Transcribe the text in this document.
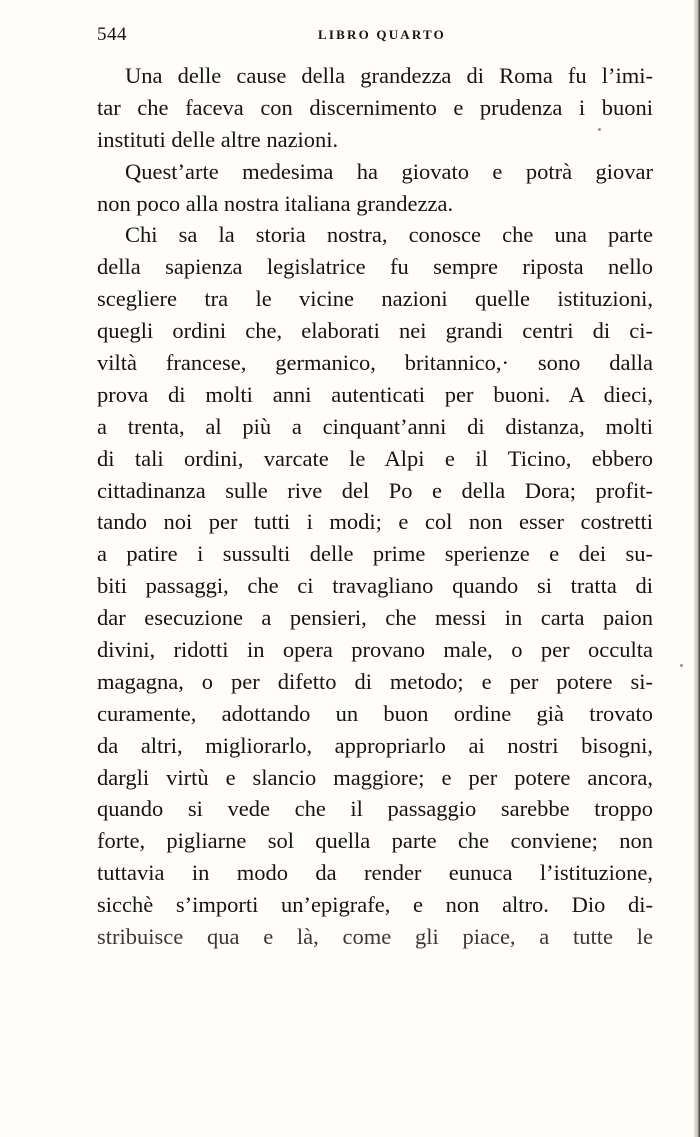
544	LIBRO QUARTO
Una delle cause della grandezza di Roma fu l’imi-
tar che faceva con discernimento e prudenza i buoni
instituti delle altre nazioni.
Quest’arte medesima ha giovato e potrà giovar
non poco alla nostra italiana grandezza.
Chi sa la storia nostra, conosce che una parte
della sapienza legislatrice fu sempre riposta nello
scegliere tra le vicine nazioni quelle istituzioni,
quegli ordini che, elaborati nei grandi centri di ci-
viltà francese, germanico, britannico,· sono dalla
prova di molti anni autenticati per buoni. A dieci,
a trenta, al più a cinquant’anni di distanza, molti
di tali ordini, varcate le Alpi e il Ticino, ebbero
cittadinanza sulle rive del Po e della Dora; profit-
tando noi per tutti i modi; e col non esser costretti
a patire i sussulti delle prime sperienze e dei su-
biti passaggi, che ci travagliano quando si tratta di
dar esecuzione a pensieri, che messi in carta paion
divini, ridotti in opera provano male, o per occulta
magagna, o per difetto di metodo; e per potere si-
curamente, adottando un buon ordine già trovato
da altri, migliorarlo, appropriarlo ai nostri bisogni,
dargli virtù e slancio maggiore; e per potere ancora,
quando si vede che il passaggio sarebbe troppo
forte, pigliarne sol quella parte che conviene; non
tuttavia in modo da render eunuca l’istituzione,
sicchè s’importi un’epigrafe, e non altro. Dio di-
stribuisce qua e là, come gli piace, a tutte le
